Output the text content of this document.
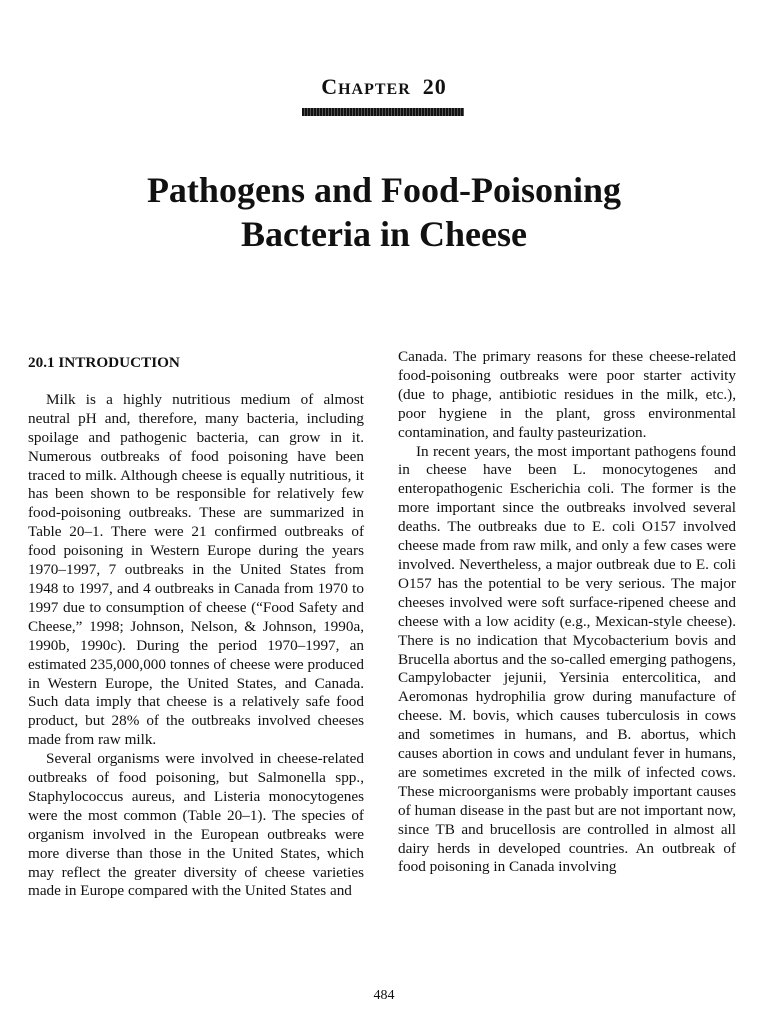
CHAPTER 20
Pathogens and Food-Poisoning
Bacteria in Cheese

20.1 INTRODUCTION

Milk is a highly nutritious medium of almost neutral pH and, therefore, many bacteria, including spoilage and pathogenic bacteria, can grow in it. Numerous outbreaks of food poisoning have been traced to milk. Although cheese is equally nutritious, it has been shown to be responsible for relatively few food-poisoning outbreaks. These are summarized in Table 20–1. There were 21 confirmed outbreaks of food poisoning in Western Europe during the years 1970–1997, 7 outbreaks in the United States from 1948 to 1997, and 4 outbreaks in Canada from 1970 to 1997 due to consumption of cheese (“Food Safety and Cheese,” 1998; Johnson, Nelson, & Johnson, 1990a, 1990b, 1990c). During the period 1970–1997, an estimated 235,000,000 tonnes of cheese were produced in Western Europe, the United States, and Canada. Such data imply that cheese is a relatively safe food product, but 28% of the outbreaks involved cheeses made from raw milk.

Several organisms were involved in cheese-related outbreaks of food poisoning, but Salmonella spp., Staphylococcus aureus, and Listeria monocytogenes were the most common (Table 20–1). The species of organism involved in the European outbreaks were more diverse than those in the United States, which may reflect the greater diversity of cheese varieties made in Europe compared with the United States and

Canada. The primary reasons for these cheese-related food-poisoning outbreaks were poor starter activity (due to phage, antibiotic residues in the milk, etc.), poor hygiene in the plant, gross environmental contamination, and faulty pasteurization.

In recent years, the most important pathogens found in cheese have been L. monocytogenes and enteropathogenic Escherichia coli. The former is the more important since the outbreaks involved several deaths. The outbreaks due to E. coli O157 involved cheese made from raw milk, and only a few cases were involved. Nevertheless, a major outbreak due to E. coli O157 has the potential to be very serious. The major cheeses involved were soft surface-ripened cheese and cheese with a low acidity (e.g., Mexican-style cheese). There is no indication that Mycobacterium bovis and Brucella abortus and the so-called emerging pathogens, Campylobacter jejunii, Yersinia entercolitica, and Aeromonas hydrophilia grow during manufacture of cheese. M. bovis, which causes tuberculosis in cows and sometimes in humans, and B. abortus, which causes abortion in cows and undulant fever in humans, are sometimes excreted in the milk of infected cows. These microorganisms were probably important causes of human disease in the past but are not important now, since TB and brucellosis are controlled in almost all dairy herds in developed countries. An outbreak of food poisoning in Canada involving

484
